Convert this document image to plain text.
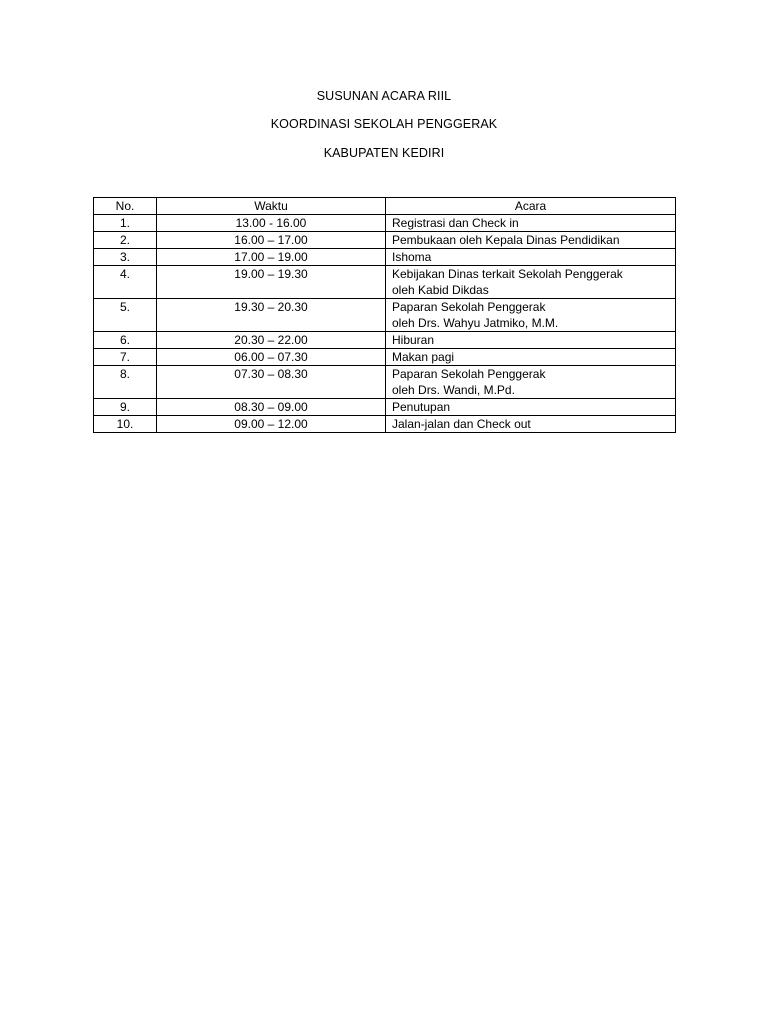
SUSUNAN ACARA RIIL
KOORDINASI SEKOLAH PENGGERAK
KABUPATEN KEDIRI
No.	Waktu	Acara
1.	13.00 - 16.00	Registrasi dan Check in

2.	16.00 – 17.00	Pembukaan oleh Kepala Dinas Pendidikan

3.	17.00 – 19.00	Ishoma

4.	19.00 – 19.30	Kebijakan Dinas terkait Sekolah Penggerak
oleh Kabid Dikdas

5.	19.30 – 20.30	Paparan Sekolah Penggerak
oleh Drs. Wahyu Jatmiko, M.M.

6.	20.30 – 22.00	Hiburan

7.	06.00 – 07.30	Makan pagi

8.	07.30 – 08.30	Paparan Sekolah Penggerak
oleh Drs. Wandi, M.Pd.

9.	08.30 – 09.00	Penutupan

10.	09.00 – 12.00	Jalan-jalan dan Check out
